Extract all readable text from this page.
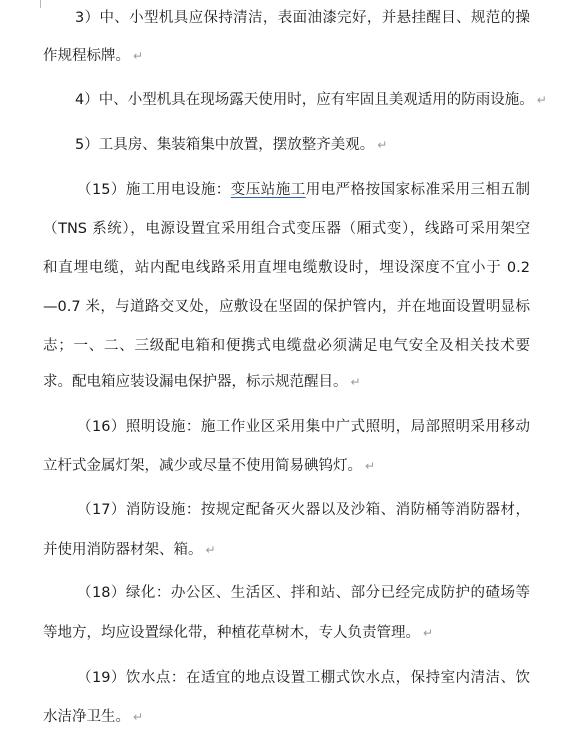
3）中、小型机具应保持清洁，表面油漆完好，并悬挂醒目、规范的操
作规程标牌。 ↵
4）中、小型机具在现场露天使用时，应有牢固且美观适用的防雨设施。 ↵
5）工具房、集装箱集中放置，摆放整齐美观。 ↵
（15）施工用电设施：变压站施工用电严格按国家标准采用三相五制
（TNS 系统），电源设置宜采用组合式变压器（厢式变），线路可采用架空
和直埋电缆，站内配电线路采用直埋电缆敷设时，埋设深度不宜小于 0.2
—0.7 米，与道路交叉处，应敷设在坚固的保护管内，并在地面设置明显标
志；一、二、三级配电箱和便携式电缆盘必须满足电气安全及相关技术要
求。配电箱应装设漏电保护器，标示规范醒目。 ↵
（16）照明设施：施工作业区采用集中广式照明，局部照明采用移动
立杆式金属灯架，减少或尽量不使用简易碘钨灯。 ↵
（17）消防设施：按规定配备灭火器以及沙箱、消防桶等消防器材，
并使用消防器材架、箱。 ↵
（18）绿化：办公区、生活区、拌和站、部分已经完成防护的碴场等
等地方，均应设置绿化带，种植花草树木，专人负责管理。 ↵
（19）饮水点：在适宜的地点设置工棚式饮水点，保持室内清洁、饮
水洁净卫生。 ↵
